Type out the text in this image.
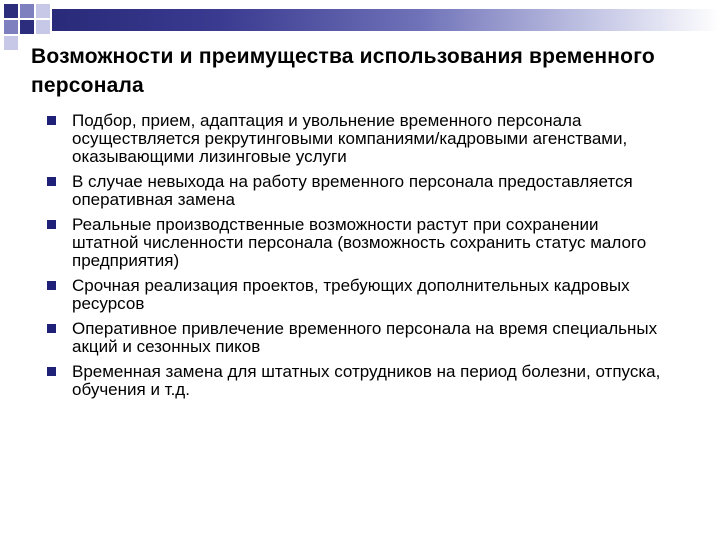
Возможности и преимущества использования временного персонала
Подбор, прием, адаптация и увольнение временного персонала осуществляется рекрутинговыми компаниями/кадровыми агенствами, оказывающими лизинговые услуги
В случае невыхода на работу временного персонала предоставляется оперативная замена
Реальные производственные возможности растут при сохранении штатной численности персонала (возможность сохранить статус малого предприятия)
Срочная реализация проектов, требующих дополнительных кадровых ресурсов
Оперативное привлечение временного персонала на время специальных акций и сезонных пиков
Временная замена для штатных сотрудников на период болезни, отпуска, обучения и т.д.
